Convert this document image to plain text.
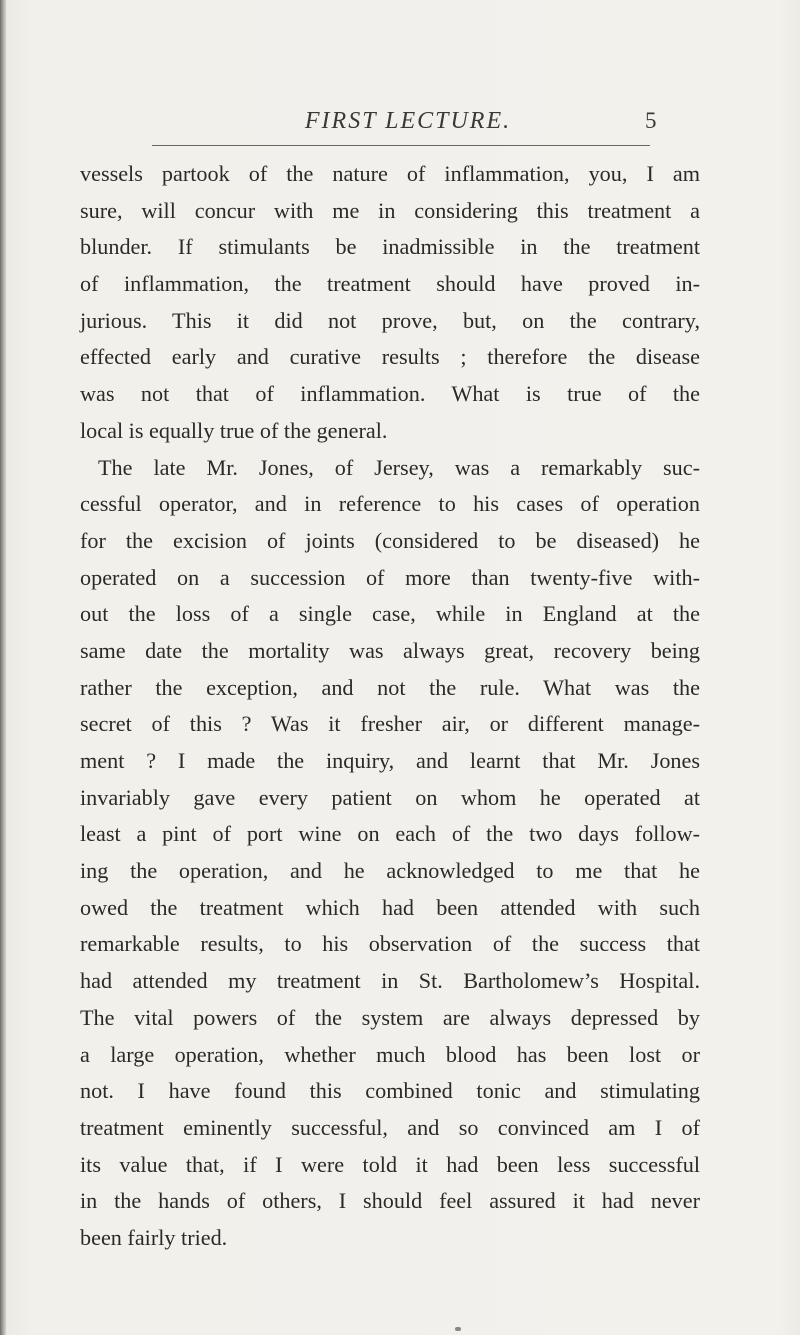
FIRST LECTURE.	5
vessels partook of the nature of inflammation, you, I am
sure, will concur with me in considering this treatment a
blunder. If stimulants be inadmissible in the treatment
of inflammation, the treatment should have proved in-
jurious. This it did not prove, but, on the contrary,
effected early and curative results ; therefore the disease
was not that of inflammation. What is true of the
local is equally true of the general.
The late Mr. Jones, of Jersey, was a remarkably suc-
cessful operator, and in reference to his cases of operation
for the excision of joints (considered to be diseased) he
operated on a succession of more than twenty-five with-
out the loss of a single case, while in England at the
same date the mortality was always great, recovery being
rather the exception, and not the rule. What was the
secret of this ? Was it fresher air, or different manage-
ment ? I made the inquiry, and learnt that Mr. Jones
invariably gave every patient on whom he operated at
least a pint of port wine on each of the two days follow-
ing the operation, and he acknowledged to me that he
owed the treatment which had been attended with such
remarkable results, to his observation of the success that
had attended my treatment in St. Bartholomew’s Hospital.
The vital powers of the system are always depressed by
a large operation, whether much blood has been lost or
not. I have found this combined tonic and stimulating
treatment eminently successful, and so convinced am I of
its value that, if I were told it had been less successful
in the hands of others, I should feel assured it had never
been fairly tried.
